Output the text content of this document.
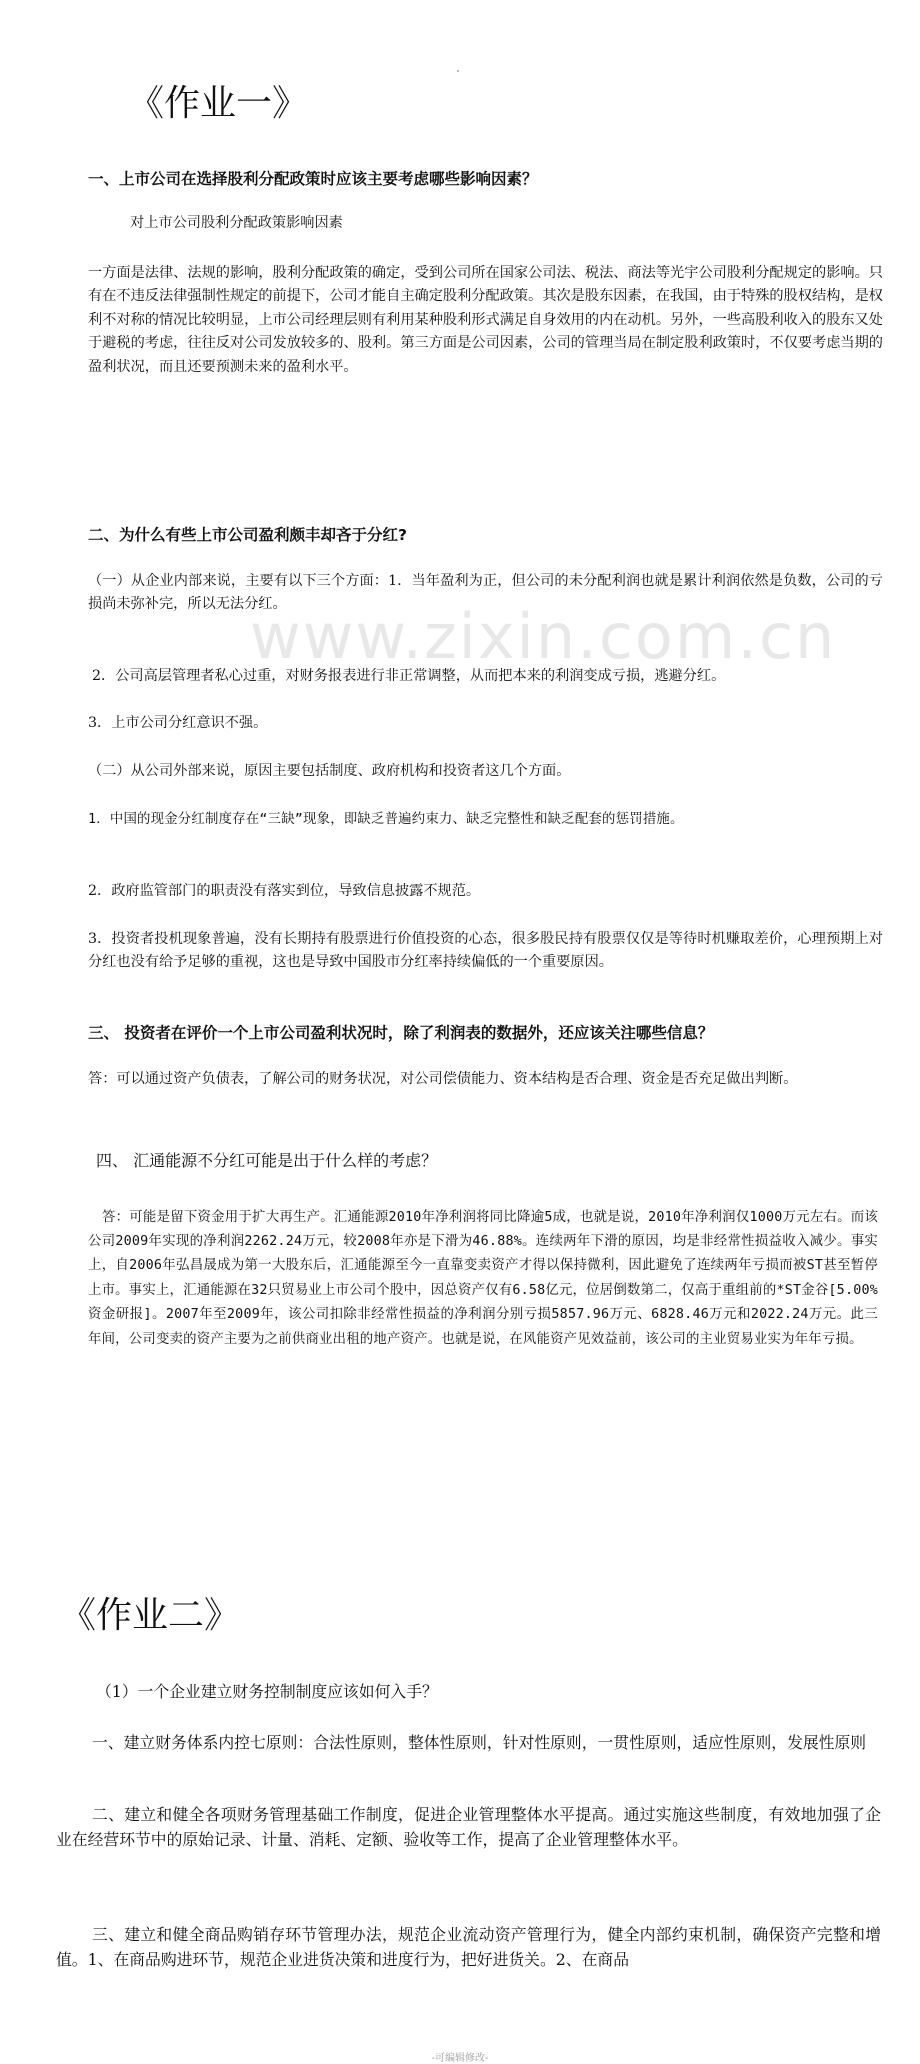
www.zixin.com.cn
《作业一》
一、上市公司在选择股利分配政策时应该主要考虑哪些影响因素？
对上市公司股利分配政策影响因素
一方面是法律、法规的影响，股利分配政策的确定，受到公司所在国家公司法、税法、商法等光宇公司股利分配规定的影响。只有在不违反法律强制性规定的前提下，公司才能自主确定股利分配政策。其次是股东因素，在我国，由于特殊的股权结构，是权利不对称的情况比较明显，上市公司经理层则有利用某种股利形式满足自身效用的内在动机。另外，一些高股利收入的股东又处于避税的考虑，往往反对公司发放较多的、股利。第三方面是公司因素，公司的管理当局在制定股利政策时，不仅要考虑当期的盈利状况，而且还要预测未来的盈利水平。
二、为什么有些上市公司盈利颇丰却吝于分红?
（一）从企业内部来说，主要有以下三个方面：1．当年盈利为正，但公司的未分配利润也就是累计利润依然是负数，公司的亏损尚未弥补完，所以无法分红。
2．公司高层管理者私心过重，对财务报表进行非正常调整，从而把本来的利润变成亏损，逃避分红。
3．上市公司分红意识不强。
（二）从公司外部来说，原因主要包括制度、政府机构和投资者这几个方面。
1．中国的现金分红制度存在“三缺”现象，即缺乏普遍约束力、缺乏完整性和缺乏配套的惩罚措施。
2．政府监管部门的职责没有落实到位，导致信息披露不规范。
3．投资者投机现象普遍，没有长期持有股票进行价值投资的心态，很多股民持有股票仅仅是等待时机赚取差价，心理预期上对分红也没有给予足够的重视，这也是导致中国股市分红率持续偏低的一个重要原因。
三、 投资者在评价一个上市公司盈利状况时，除了利润表的数据外，还应该关注哪些信息？
答：可以通过资产负债表，了解公司的财务状况，对公司偿债能力、资本结构是否合理、资金是否充足做出判断。
四、 汇通能源不分红可能是出于什么样的考虑？
答：可能是留下资金用于扩大再生产。汇通能源2010年净利润将同比降逾5成，也就是说，2010年净利润仅1000万元左右。而该公司2009年实现的净利润2262.24万元，较2008年亦是下滑为46.88%。连续两年下滑的原因，均是非经常性损益收入减少。事实上，自2006年弘昌晟成为第一大股东后，汇通能源至今一直靠变卖资产才得以保持微利，因此避免了连续两年亏损而被ST甚至暂停上市。事实上，汇通能源在32只贸易业上市公司个股中，因总资产仅有6.58亿元，位居倒数第二，仅高于重组前的*ST金谷[5.00% 资金研报]。2007年至2009年，该公司扣除非经常性损益的净利润分别亏损5857.96万元、6828.46万元和2022.24万元。此三年间，公司变卖的资产主要为之前供商业出租的地产资产。也就是说，在风能资产见效益前，该公司的主业贸易业实为年年亏损。
《作业二》
（1）一个企业建立财务控制制度应该如何入手？
一、建立财务体系内控七原则：合法性原则，整体性原则，针对性原则，一贯性原则，适应性原则，发展性原则
二、建立和健全各项财务管理基础工作制度，促进企业管理整体水平提高。通过实施这些制度，有效地加强了企业在经营环节中的原始记录、计量、消耗、定额、验收等工作，提高了企业管理整体水平。
三、建立和健全商品购销存环节管理办法，规范企业流动资产管理行为，健全内部约束机制，确保资产完整和增值。1、在商品购进环节，规范企业进货决策和进度行为，把好进货关。2、在商品
-可编辑修改-
